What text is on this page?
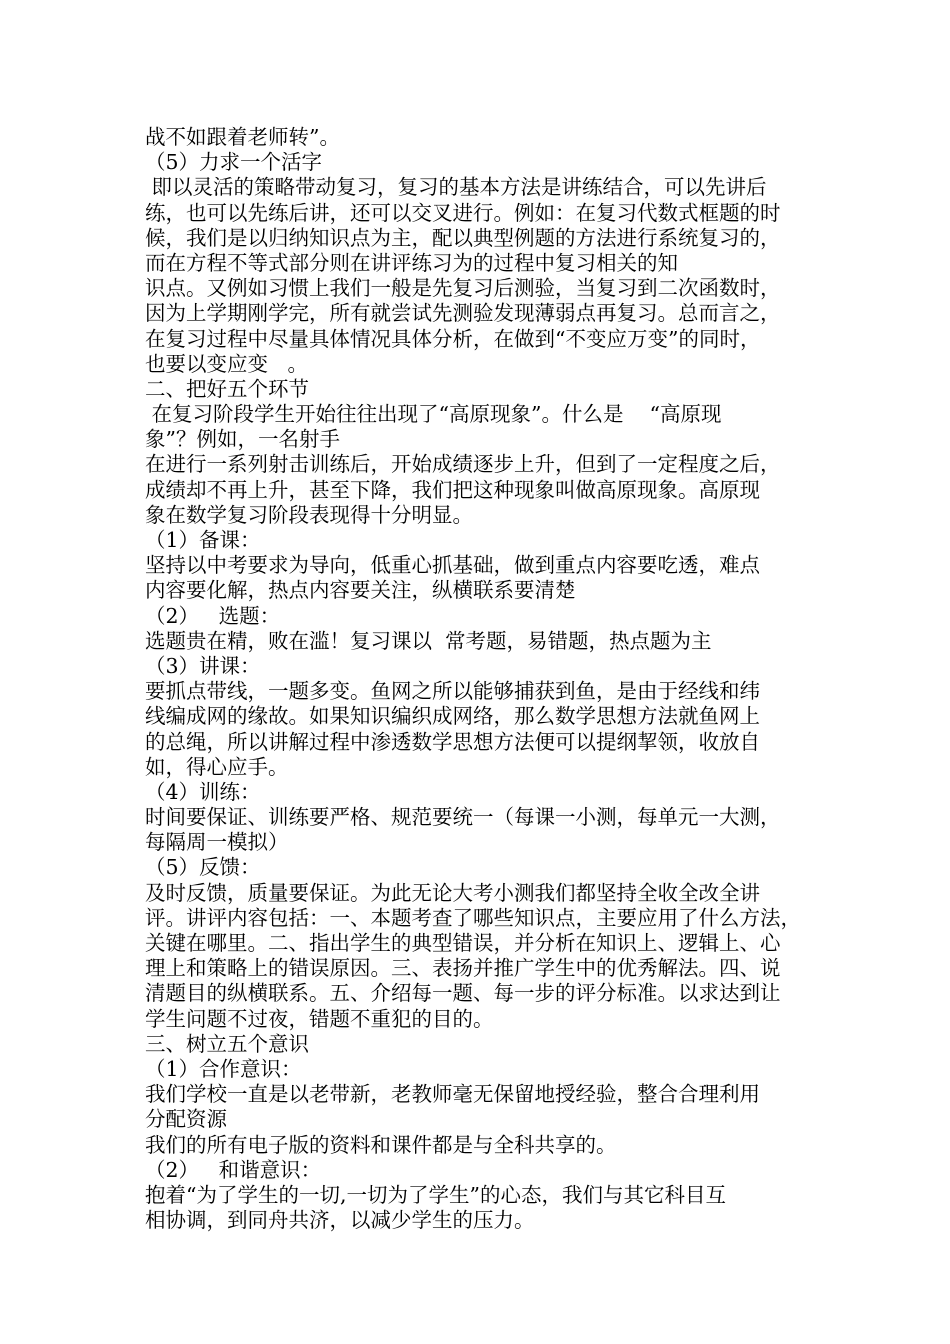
战不如跟着老师转”。
（5）力求一个活字
即以灵活的策略带动复习，复习的基本方法是讲练结合，可以先讲后
练，也可以先练后讲，还可以交叉进行。例如：在复习代数式框题的时
候，我们是以归纳知识点为主，配以典型例题的方法进行系统复习的，
而在方程不等式部分则在讲评练习为的过程中复习相关的知
识点。又例如习惯上我们一般是先复习后测验，当复习到二次函数时，
因为上学期刚学完，所有就尝试先测验发现薄弱点再复习。总而言之，
在复习过程中尽量具体情况具体分析，在做到“不变应万变”的同时，
也要以变应变   。
二、把好五个环节
在复习阶段学生开始往往出现了“高原现象”。什么是    “高原现
象”？例如，一名射手
在进行一系列射击训练后，开始成绩逐步上升，但到了一定程度之后，
成绩却不再上升，甚至下降，我们把这种现象叫做高原现象。高原现
象在数学复习阶段表现得十分明显。
（1）备课：
坚持以中考要求为导向，低重心抓基础，做到重点内容要吃透，难点
内容要化解，热点内容要关注，纵横联系要清楚
（2）   选题：
选题贵在精，败在滥！复习课以  常考题，易错题，热点题为主
（3）讲课：
要抓点带线，一题多变。鱼网之所以能够捕获到鱼，是由于经线和纬
线编成网的缘故。如果知识编织成网络，那么数学思想方法就鱼网上
的总绳，所以讲解过程中渗透数学思想方法便可以提纲挈领，收放自
如，得心应手。
（4）训练：
时间要保证、训练要严格、规范要统一（每课一小测，每单元一大测，
每隔周一模拟）
（5）反馈：
及时反馈，质量要保证。为此无论大考小测我们都坚持全收全改全讲
评。讲评内容包括：一、本题考查了哪些知识点，主要应用了什么方法，
关键在哪里。二、指出学生的典型错误，并分析在知识上、逻辑上、心
理上和策略上的错误原因。三、表扬并推广学生中的优秀解法。四、说
清题目的纵横联系。五、介绍每一题、每一步的评分标准。以求达到让
学生问题不过夜，错题不重犯的目的。
三、树立五个意识
（1）合作意识：
我们学校一直是以老带新，老教师毫无保留地授经验，整合合理利用
分配资源
我们的所有电子版的资料和课件都是与全科共享的。
（2）   和谐意识：
抱着“为了学生的一切,一切为了学生”的心态，我们与其它科目互
相协调，到同舟共济，以减少学生的压力。
